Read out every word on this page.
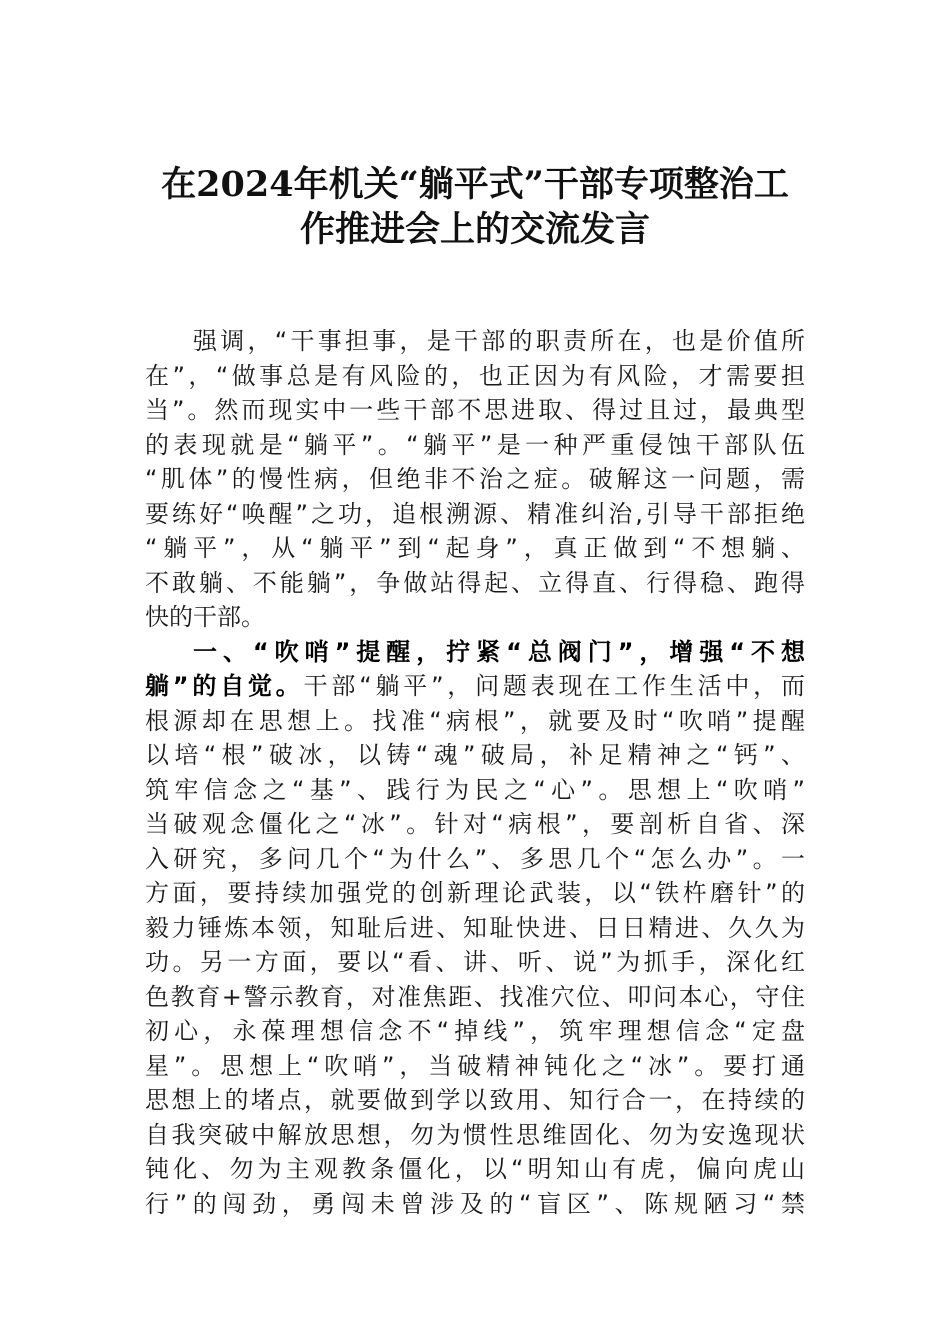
在2024年机关“躺平式”干部专项整治工
作推进会上的交流发言
强调，“干事担事，是干部的职责所在，也是价值所
在”，“做事总是有风险的，也正因为有风险，才需要担
当”。然而现实中一些干部不思进取、得过且过，最典型
的表现就是“躺平”。“躺平”是一种严重侵蚀干部队伍
“肌体”的慢性病，但绝非不治之症。破解这一问题，需
要练好“唤醒”之功，追根溯源、精准纠治,引导干部拒绝
“躺平”，从“躺平”到“起身”，真正做到“不想躺、
不敢躺、不能躺”，争做站得起、立得直、行得稳、跑得
快的干部。
一、“吹哨”提醒，拧紧“总阀门”，增强“不想
躺”的自觉。干部“躺平”，问题表现在工作生活中，而
根源却在思想上。找准“病根”，就要及时“吹哨”提醒
以培“根”破冰，以铸“魂”破局，补足精神之“钙”、
筑牢信念之“基”、践行为民之“心”。思想上“吹哨”
当破观念僵化之“冰”。针对“病根”，要剖析自省、深
入研究，多问几个“为什么”、多思几个“怎么办”。一
方面，要持续加强党的创新理论武装，以“铁杵磨针”的
毅力锤炼本领，知耻后进、知耻快进、日日精进、久久为
功。另一方面，要以“看、讲、听、说”为抓手，深化红
色教育+警示教育，对准焦距、找准穴位、叩问本心，守住
初心，永葆理想信念不“掉线”，筑牢理想信念“定盘
星”。思想上“吹哨”，当破精神钝化之“冰”。要打通
思想上的堵点，就要做到学以致用、知行合一，在持续的
自我突破中解放思想，勿为惯性思维固化、勿为安逸现状
钝化、勿为主观教条僵化，以“明知山有虎，偏向虎山
行”的闯劲，勇闯未曾涉及的“盲区”、陈规陋习“禁
